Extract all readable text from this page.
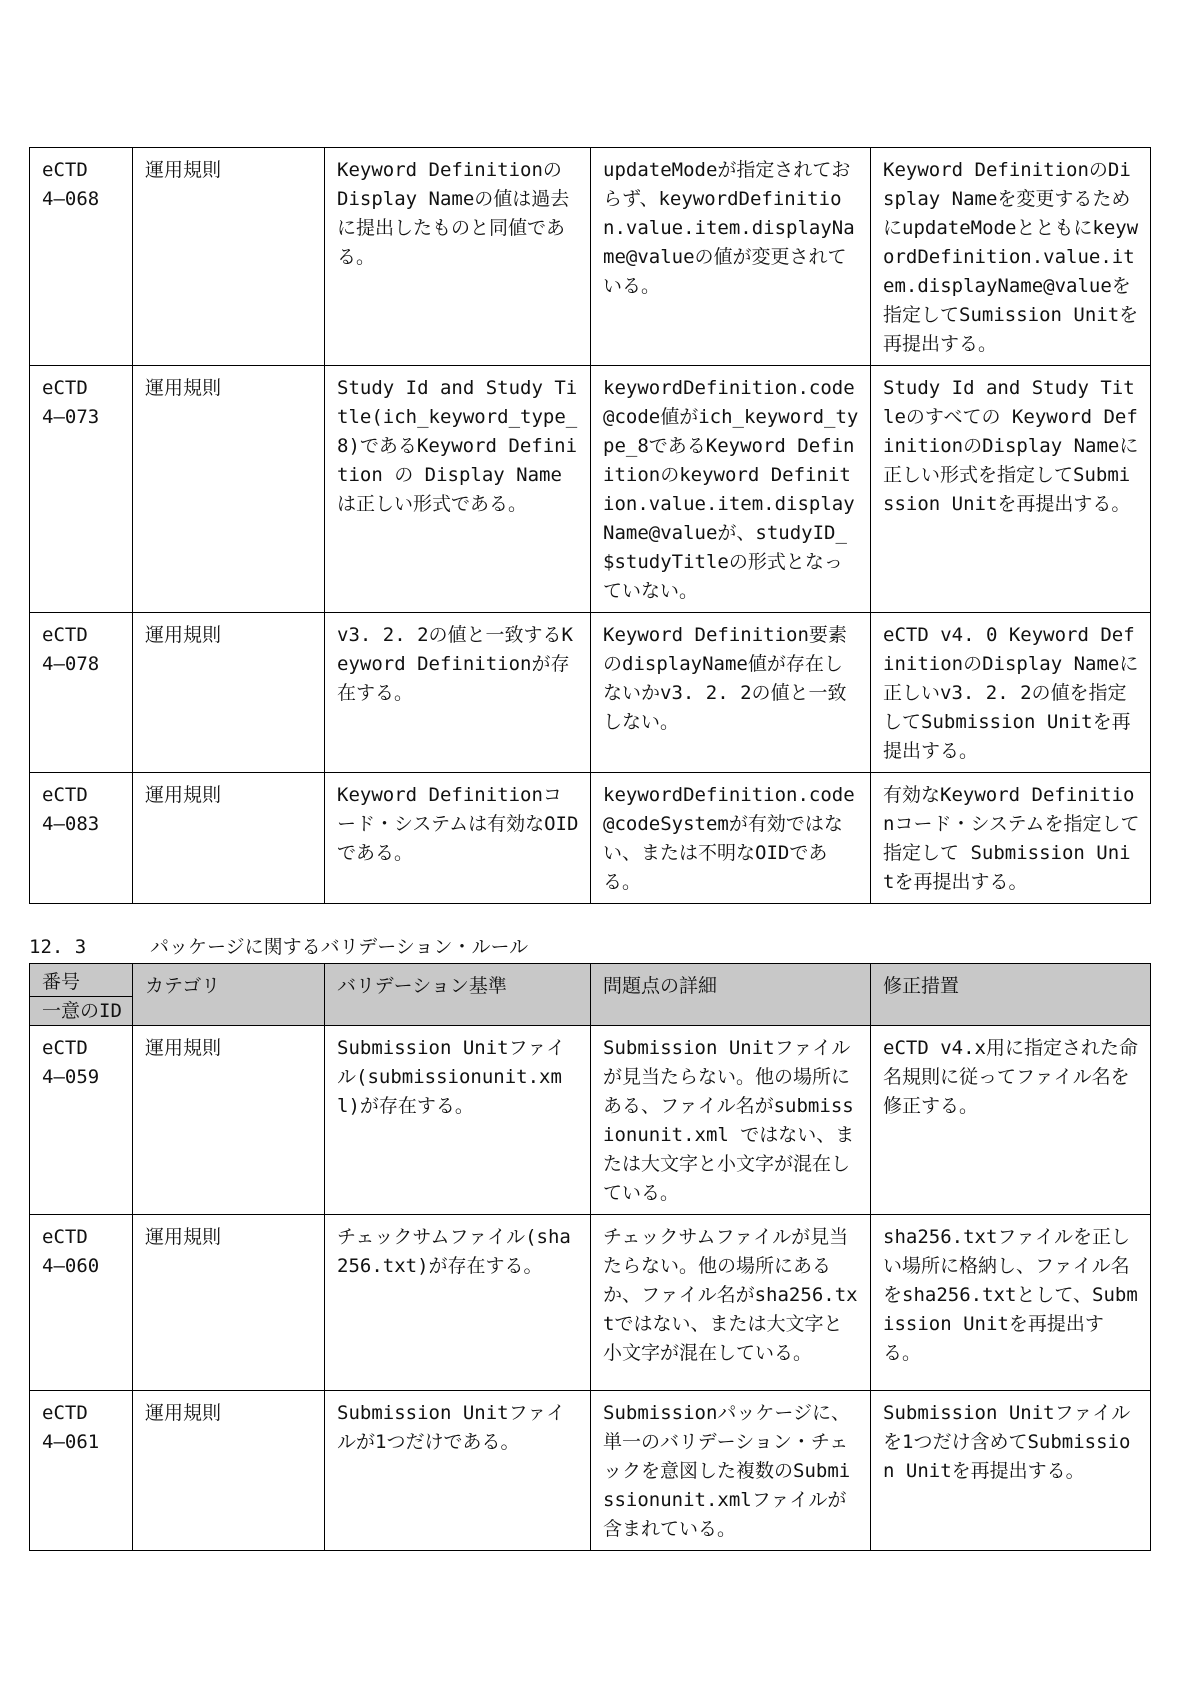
eCTD
4—068	運用規則	Keyword Definitionの Display Nameの値は過去に提出したものと同値である。	updateModeが指定されておらず、keywordDefinition.value.item.displayName@valueの値が変更されている。	Keyword DefinitionのDisplay Nameを変更するためにupdateModeとともにkeywordDefinition.value.item.displayName@valueを指定してSumission Unitを再提出する。

eCTD
4—073	運用規則	Study Id and Study Title(ich_keyword_type_8)であるKeyword Definition の Display Nameは正しい形式である。	keywordDefinition.code@code値がich_keyword_type_8であるKeyword Definitionのkeyword Definition.value.item.displayName@valueが、studyID_$studyTitleの形式となっていない。	Study Id and Study Titleのすべての Keyword DefinitionのDisplay Nameに正しい形式を指定してSubmission Unitを再提出する。

eCTD
4—078	運用規則	v3. 2. 2の値と一致するKeyword Definitionが存在する。	Keyword Definition要素のdisplayName値が存在しないかv3. 2. 2の値と一致しない。	eCTD v4. 0 Keyword DefinitionのDisplay Nameに正しいv3. 2. 2の値を指定してSubmission Unitを再提出する。

eCTD
4—083	運用規則	Keyword Definitionコード・システムは有効なOIDである。	keywordDefinition.code@codeSystemが有効ではない、または不明なOIDである。	有効なKeyword Definitionコード・システムを指定して指定して Submission Unitを再提出する。
12. 3	パッケージに関するバリデーション・ルール
番号
一意のID	カテゴリ	バリデーション基準	問題点の詳細	修正措置

eCTD
4—059	運用規則	Submission Unitファイル(submissionunit.xml)が存在する。	Submission Unitファイルが見当たらない。他の場所にある、ファイル名がsubmissionunit.xml ではない、または大文字と小文字が混在している。	eCTD v4.x用に指定された命名規則に従ってファイル名を修正する。

eCTD
4—060	運用規則	チェックサムファイル(sha256.txt)が存在する。	チェックサムファイルが見当たらない。他の場所にあるか、ファイル名がsha256.txtではない、または大文字と小文字が混在している。	sha256.txtファイルを正しい場所に格納し、ファイル名をsha256.txtとして、Submission Unitを再提出する。

eCTD
4—061	運用規則	Submission Unitファイルが1つだけである。	Submissionパッケージに、単一のバリデーション・チェックを意図した複数のSubmissionunit.xmlファイルが含まれている。	Submission Unitファイルを1つだけ含めてSubmission Unitを再提出する。
